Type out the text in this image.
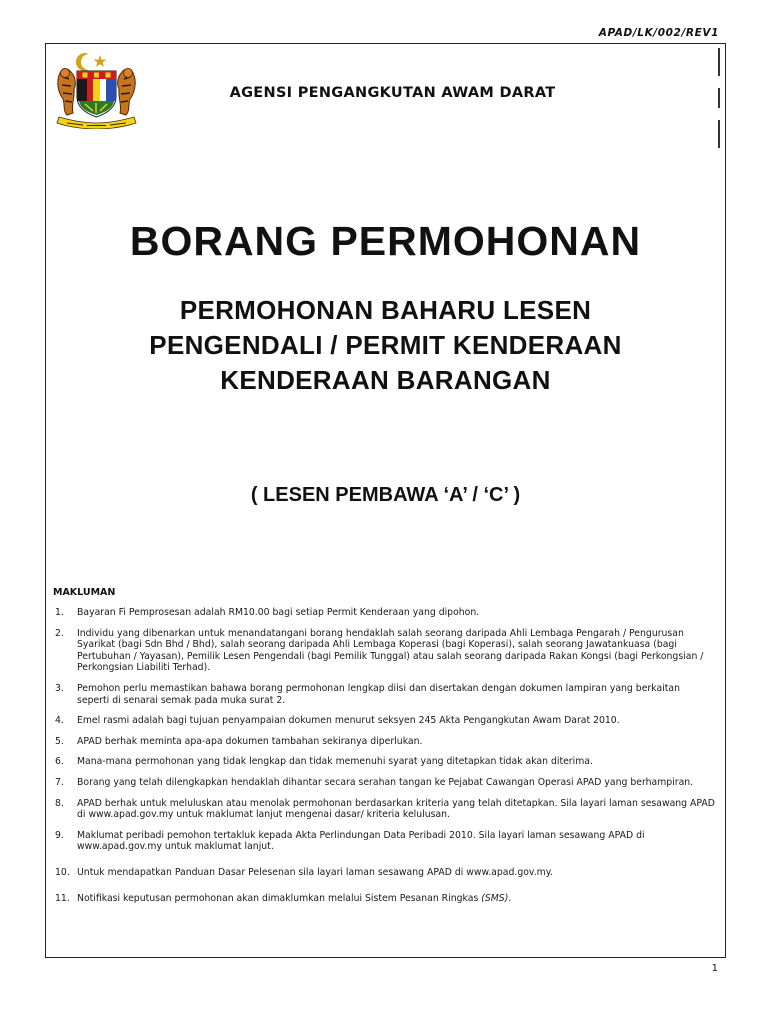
APAD/LK/002/REV1
AGENSI PENGANGKUTAN AWAM DARAT
BORANG PERMOHONAN
PERMOHONAN BAHARU LESEN
PENGENDALI / PERMIT KENDERAAN
KENDERAAN BARANGAN
( LESEN PEMBAWA ‘A’ / ‘C’ )
MAKLUMAN
1.	Bayaran Fi Pemprosesan adalah RM10.00 bagi setiap Permit Kenderaan yang dipohon.
2.	Individu yang dibenarkan untuk menandatangani borang hendaklah salah seorang daripada Ahli Lembaga Pengarah / Pengurusan Syarikat (bagi Sdn Bhd / Bhd), salah seorang daripada Ahli Lembaga Koperasi (bagi Koperasi), salah seorang Jawatankuasa (bagi Pertubuhan / Yayasan), Pemilik Lesen Pengendali (bagi Pemilik Tunggal) atau salah seorang daripada Rakan Kongsi (bagi Perkongsian / Perkongsian Liabiliti Terhad).
3.	Pemohon perlu memastikan bahawa borang permohonan lengkap diisi dan disertakan dengan dokumen lampiran yang berkaitan seperti di senarai semak pada muka surat 2.
4.	Emel rasmi adalah bagi tujuan penyampaian dokumen menurut seksyen 245 Akta Pengangkutan Awam Darat 2010.
5.	APAD berhak meminta apa-apa dokumen tambahan sekiranya diperlukan.
6.	Mana-mana permohonan yang tidak lengkap dan tidak memenuhi syarat yang ditetapkan tidak akan diterima.
7.	Borang yang telah dilengkapkan hendaklah dihantar secara serahan tangan ke Pejabat Cawangan Operasi APAD yang berhampiran.
8.	APAD berhak untuk meluluskan atau menolak permohonan berdasarkan kriteria yang telah ditetapkan. Sila layari laman sesawang APAD di www.apad.gov.my untuk maklumat lanjut mengenai dasar/ kriteria kelulusan.
9.	Maklumat peribadi pemohon tertakluk kepada Akta Perlindungan Data Peribadi 2010. Sila layari laman sesawang APAD di www.apad.gov.my untuk maklumat lanjut.
10. Untuk mendapatkan Panduan Dasar Pelesenan sila layari laman sesawang APAD di www.apad.gov.my.
11. Notifikasi keputusan permohonan akan dimaklumkan melalui Sistem Pesanan Ringkas (SMS).
1
